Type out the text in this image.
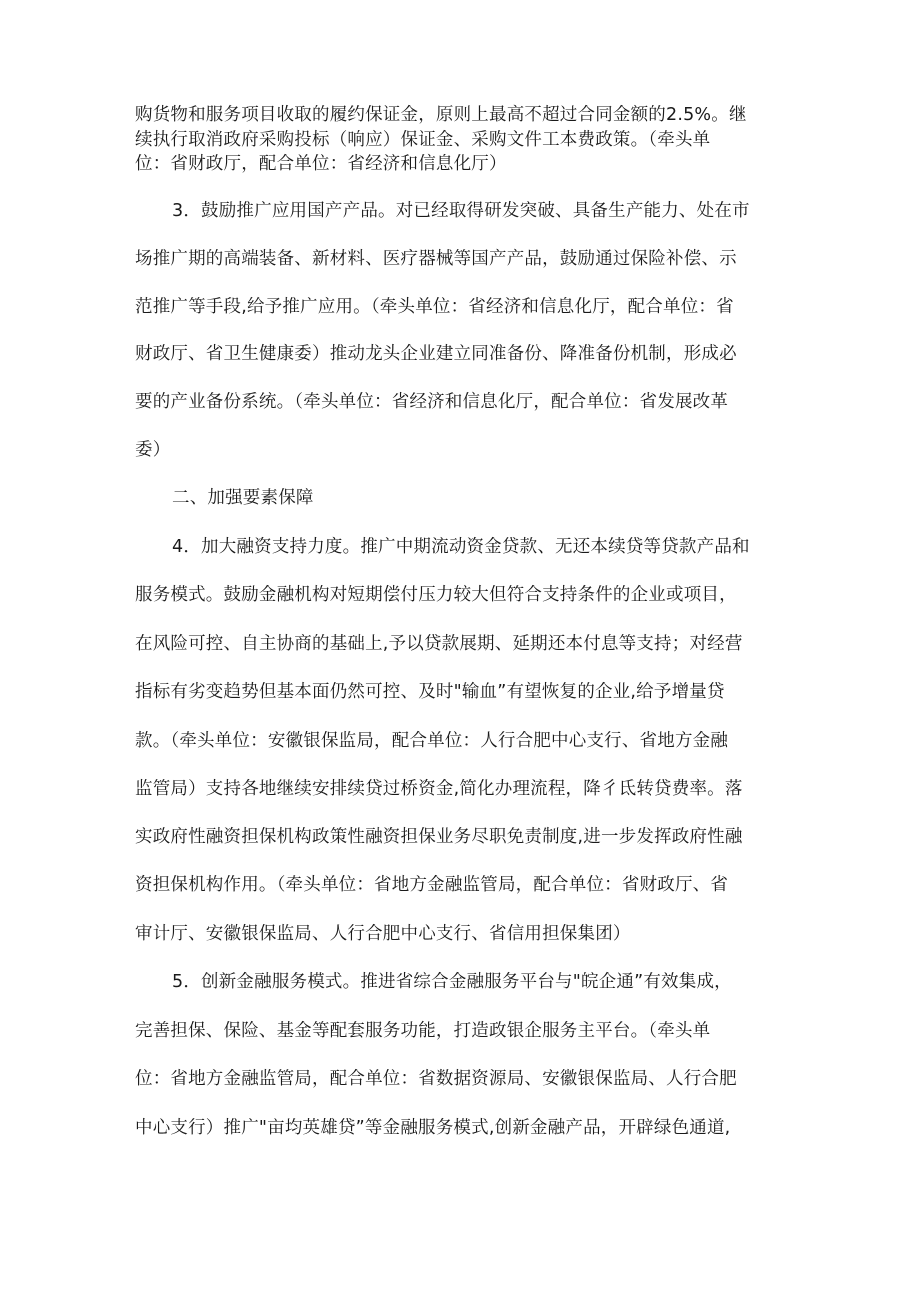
购货物和服务项目收取的履约保证金，原则上最高不超过合同金额的2.5%。继
续执行取消政府采购投标（响应）保证金、采购文件工本费政策。（牵头单
位：省财政厅，配合单位：省经济和信息化厅）
3．鼓励推广应用国产产品。对已经取得研发突破、具备生产能力、处在市
场推广期的高端装备、新材料、医疗器械等国产产品，鼓励通过保险补偿、示
范推广等手段,给予推广应用。（牵头单位：省经济和信息化厅，配合单位：省
财政厅、省卫生健康委）推动龙头企业建立同准备份、降准备份机制，形成必
要的产业备份系统。（牵头单位：省经济和信息化厅，配合单位：省发展改革
委）
二、加强要素保障
4．加大融资支持力度。推广中期流动资金贷款、无还本续贷等贷款产品和
服务模式。鼓励金融机构对短期偿付压力较大但符合支持条件的企业或项目，
在风险可控、自主协商的基础上,予以贷款展期、延期还本付息等支持；对经营
指标有劣变趋势但基本面仍然可控、及时"输血”有望恢复的企业,给予增量贷
款。（牵头单位：安徽银保监局，配合单位：人行合肥中心支行、省地方金融
监管局）支持各地继续安排续贷过桥资金,简化办理流程，降彳氐转贷费率。落
实政府性融资担保机构政策性融资担保业务尽职免责制度,进一步发挥政府性融
资担保机构作用。（牵头单位：省地方金融监管局，配合单位：省财政厅、省
审计厅、安徽银保监局、人行合肥中心支行、省信用担保集团）
5．创新金融服务模式。推进省综合金融服务平台与"皖企通”有效集成，
完善担保、保险、基金等配套服务功能，打造政银企服务主平台。（牵头单
位：省地方金融监管局，配合单位：省数据资源局、安徽银保监局、人行合肥
中心支行）推广"亩均英雄贷”等金融服务模式,创新金融产品，开辟绿色通道,
